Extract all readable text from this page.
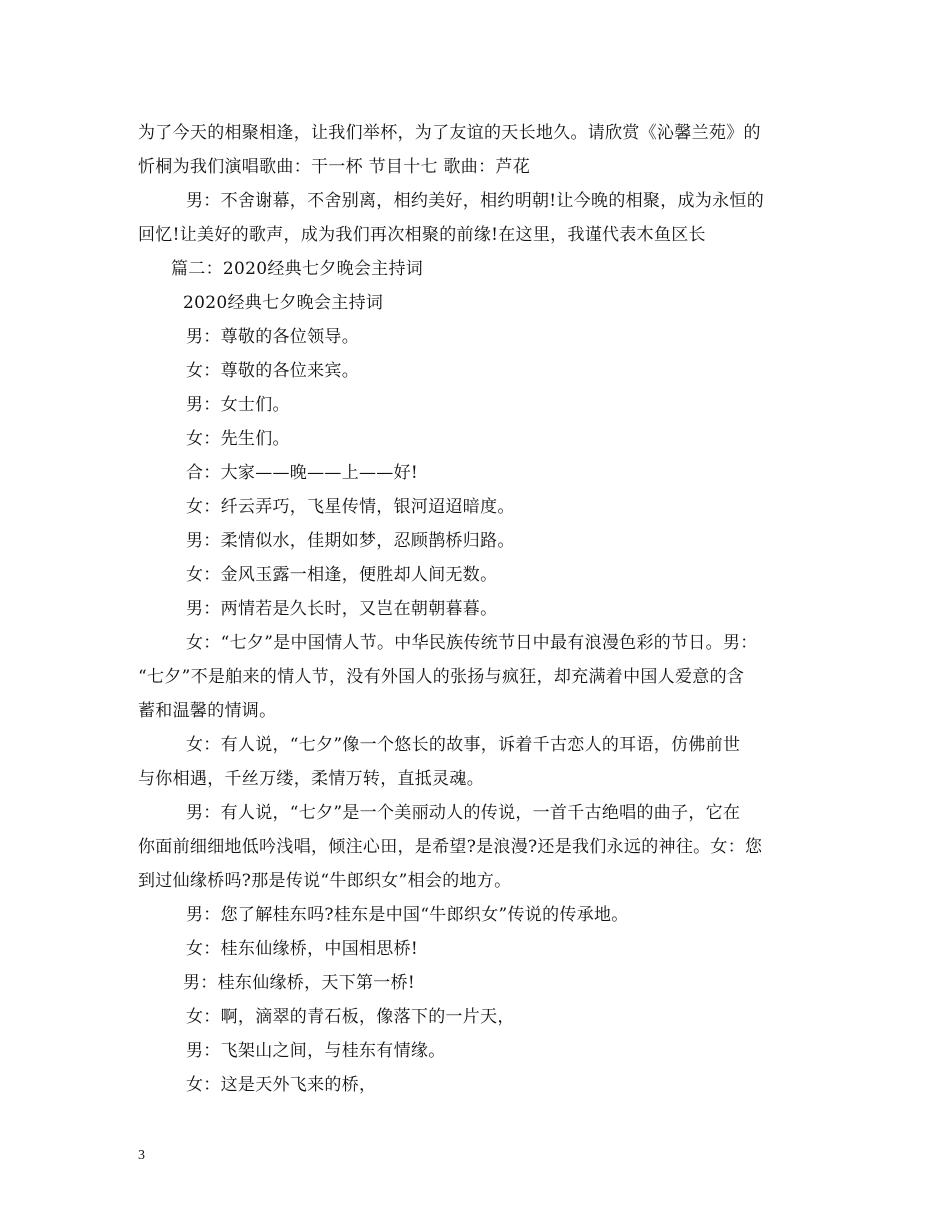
为了今天的相聚相逢，让我们举杯，为了友谊的天长地久。请欣赏《沁馨兰苑》的
忻桐为我们演唱歌曲：干一杯 节目十七 歌曲：芦花
男：不舍谢幕，不舍别离，相约美好，相约明朝!让今晚的相聚，成为永恒的
回忆!让美好的歌声，成为我们再次相聚的前缘!在这里，我谨代表木鱼区长
篇二：2020经典七夕晚会主持词
2020经典七夕晚会主持词
男：尊敬的各位领导。
女：尊敬的各位来宾。
男：女士们。
女：先生们。
合：大家——晚——上——好!
女：纤云弄巧，飞星传情，银河迢迢暗度。
男：柔情似水，佳期如梦，忍顾鹊桥归路。
女：金风玉露一相逢，便胜却人间无数。
男：两情若是久长时，又岂在朝朝暮暮。
女：“七夕”是中国情人节。中华民族传统节日中最有浪漫色彩的节日。男：
“七夕”不是舶来的情人节，没有外国人的张扬与疯狂，却充满着中国人爱意的含
蓄和温馨的情调。
女：有人说，“七夕”像一个悠长的故事，诉着千古恋人的耳语，仿佛前世
与你相遇，千丝万缕，柔情万转，直抵灵魂。
男：有人说，“七夕”是一个美丽动人的传说，一首千古绝唱的曲子，它在
你面前细细地低吟浅唱，倾注心田，是希望?是浪漫?还是我们永远的神往。女：您
到过仙缘桥吗?那是传说“牛郎织女”相会的地方。
男：您了解桂东吗?桂东是中国“牛郎织女”传说的传承地。
女：桂东仙缘桥，中国相思桥!
男：桂东仙缘桥，天下第一桥!
女：啊，滴翠的青石板，像落下的一片天，
男：飞架山之间，与桂东有情缘。
女：这是天外飞来的桥，
3
